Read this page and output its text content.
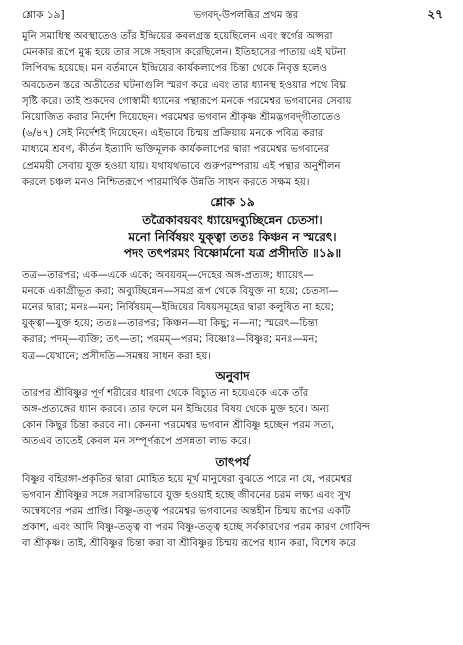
শ্লোক ১৯]	ভগবদ্-উপলব্ধির প্রথম স্তর	২৭

মুনি সমাধিস্থ অবস্থাতেও তাঁর ইন্দ্রিয়ের কবলগ্রস্ত হয়েছিলেন এবং স্বর্গের অপ্সরা

মেনকার রূপে মুগ্ধ হয়ে তার সঙ্গে সহবাস করেছিলেন। ইতিহাসের পাতায় এই ঘটনা

লিপিবদ্ধ হয়েছে। মন বর্তমানে ইন্দ্রিয়ের কার্যকলাপের চিন্তা থেকে নিবৃত্ত হলেও

অবচেতন স্তরে অতীতের ঘটনাগুলি স্মরণ করে এবং তার ধ্যানস্থ হওয়ার পথে বিঘ্ন

সৃষ্টি করে। তাই শুকদেব গোস্বামী ধ্যানের পন্থারূপে মনকে পরমেশ্বর ভগবানের সেবায়

নিয়োজিত করার নির্দেশ দিয়েছেন। পরমেশ্বর ভগবান শ্রীকৃষ্ণ শ্রীমদ্ভগবদ্‌গীতাতেও

(৬/৪৭) সেই নির্দেশই দিয়েছেন। এইভাবে চিন্ময় প্রক্রিয়ায় মনকে পবিত্র করার

মাধ্যমে শ্রবণ, কীর্তন ইত্যাদি ভক্তিমূলক কার্যকলাপের দ্বারা পরমেশ্বর ভগবানের

প্রেমময়ী সেবায় যুক্ত হওয়া যায়। যথাযথভাবে গুরুপরম্পরায় এই পন্থার অনুশীলন

করলে চঞ্চল মনও নিশ্চিতরূপে পারমার্থিক উন্নতি সাধন করতে সক্ষম হয়।

শ্লোক ১৯

তত্রৈকাবয়বং ধ্যায়েদব্যুচ্ছিন্নেন চেতসা।

মনো নির্বিষয়ং যুক্ত্বা ততঃ কিঞ্চন ন স্মরেৎ।

পদং তৎপরমং বিষ্ণোর্মনো যত্র প্রসীদতি ॥১৯॥

তত্র—তারপর; এক—একে একে; অবয়বম্—দেহের অঙ্গ-প্রত্যঙ্গ; ধ্যায়েৎ—

মনকে একাগ্রীভূত করা; অব্যুচ্ছিন্নেন—সমগ্র রূপ থেকে বিযুক্ত না হয়ে; চেতসা—

মনের দ্বারা; মনঃ—মন; নির্বিষয়ম্—ইন্দ্রিয়ের বিষয়সমূহের দ্বারা কলুষিত না হয়ে;

যুক্ত্বা—যুক্ত হয়ে; ততঃ—তারপর; কিঞ্চন—যা কিছু; ন—না; স্মরেৎ—চিন্তা

করার; পদম্—ব্যক্তি; তৎ—তা; পরমম্—পরম; বিষ্ণোঃ—বিষ্ণুর; মনঃ—মন;

যত্র—যেখানে; প্রসীদতি—সমন্বয় সাধন করা হয়।

অনুবাদ

তারপর শ্রীবিষ্ণুর পূর্ণ শরীরের ধারণা থেকে বিচ্যুত না হয়েএকে একে তাঁর

অঙ্গ-প্রত্যঙ্গের ধ্যান করবে। তার ফলে মন ইন্দ্রিয়ের বিষয় থেকে মুক্ত হবে। অন্য

কোন কিছুর চিন্তা করবে না। কেননা পরমেশ্বর ভগবান শ্রীবিষ্ণু হচ্ছেন পরম সত্য,

অতএব তাতেই কেবল মন সম্পূর্ণরূপে প্রসন্নতা লাভ করে।

তাৎপর্য

বিষ্ণুর বহিরঙ্গা-প্রকৃতির দ্বারা মোহিত হয়ে মূর্খ মানুষেরা বুঝতে পারে না যে, পরমেশ্বর

ভগবান শ্রীবিষ্ণুর সঙ্গে সরাসরিভাবে যুক্ত হওয়াই হচ্ছে জীবনের চরম লক্ষ্য এবং সুখ

অন্বেষণের পরম প্রাপ্তি। বিষ্ণু-তত্ত্ব পরমেশ্বর ভগবানের অন্তহীন চিন্ময় রূপের একটি

প্রকাশ, এবং আদি বিষ্ণু-তত্ত্ব বা পরম বিষ্ণু-তত্ত্ব হচ্ছে সর্বকারণের পরম কারণ গোবিন্দ

বা শ্রীকৃষ্ণ। তাই, শ্রীবিষ্ণুর চিন্তা করা বা শ্রীবিষ্ণুর চিন্ময় রূপের ধ্যান করা, বিশেষ করে
